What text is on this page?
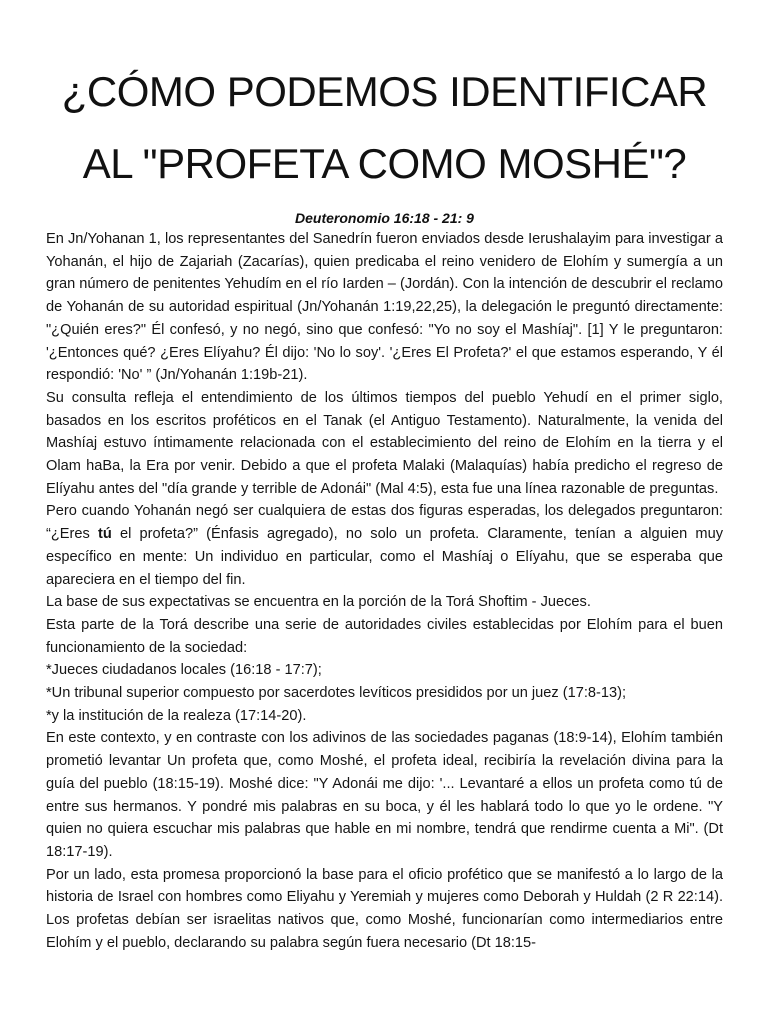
¿CÓMO PODEMOS IDENTIFICAR
AL "PROFETA COMO MOSHÉ"?
Deuteronomio 16:18 - 21: 9

En Jn/Yohanan 1, los representantes del Sanedrín fueron enviados desde Ierushalayim para investigar a Yohanán, el hijo de Zajariah (Zacarías), quien predicaba el reino venidero de Elohím y sumergía a un gran número de penitentes Yehudím en el río Iarden – (Jordán). Con la intención de descubrir el reclamo de Yohanán de su autoridad espiritual (Jn/Yohanán 1:19,22,25), la delegación le preguntó directamente: "¿Quién eres?" Él confesó, y no negó, sino que confesó: "Yo no soy el Mashíaj". [1] Y le preguntaron: '¿Entonces qué? ¿Eres Elíyahu? Él dijo: 'No lo soy'. '¿Eres El Profeta?' el que estamos esperando, Y él respondió: 'No' ” (Jn/Yohanán 1:19b-21).

Su consulta refleja el entendimiento de los últimos tiempos del pueblo Yehudí en el primer siglo, basados en los escritos proféticos en el Tanak (el Antiguo Testamento). Naturalmente, la venida del Mashíaj estuvo íntimamente relacionada con el establecimiento del reino de Elohím en la tierra y el Olam haBa, la Era por venir. Debido a que el profeta Malaki (Malaquías) había predicho el regreso de Elíyahu antes del "día grande y terrible de Adonái" (Mal 4:5), esta fue una línea razonable de preguntas.

Pero cuando Yohanán negó ser cualquiera de estas dos figuras esperadas, los delegados preguntaron: “¿Eres tú el profeta?” (Énfasis agregado), no solo un profeta. Claramente, tenían a alguien muy específico en mente: Un individuo en particular, como el Mashíaj o Elíyahu, que se esperaba que apareciera en el tiempo del fin.

La base de sus expectativas se encuentra en la porción de la Torá Shoftim - Jueces.

Esta parte de la Torá describe una serie de autoridades civiles establecidas por Elohím para el buen funcionamiento de la sociedad:

*Jueces ciudadanos locales (16:18 - 17:7);

*Un tribunal superior compuesto por sacerdotes levíticos presididos por un juez (17:8-13);

*y la institución de la realeza (17:14-20).

En este contexto, y en contraste con los adivinos de las sociedades paganas (18:9-14), Elohím también prometió levantar Un profeta que, como Moshé, el profeta ideal, recibiría la revelación divina para la guía del pueblo (18:15-19). Moshé dice: "Y Adonái me dijo: '... Levantaré a ellos un profeta como tú de entre sus hermanos. Y pondré mis palabras en su boca, y él les hablará todo lo que yo le ordene. "Y quien no quiera escuchar mis palabras que hable en mi nombre, tendrá que rendirme cuenta a Mi". (Dt 18:17-19).

Por un lado, esta promesa proporcionó la base para el oficio profético que se manifestó a lo largo de la historia de Israel con hombres como Eliyahu y Yeremiah y mujeres como Deborah y Huldah (2 R 22:14). Los profetas debían ser israelitas nativos que, como Moshé, funcionarían como intermediarios entre Elohím y el pueblo, declarando su palabra según fuera necesario (Dt 18:15-
